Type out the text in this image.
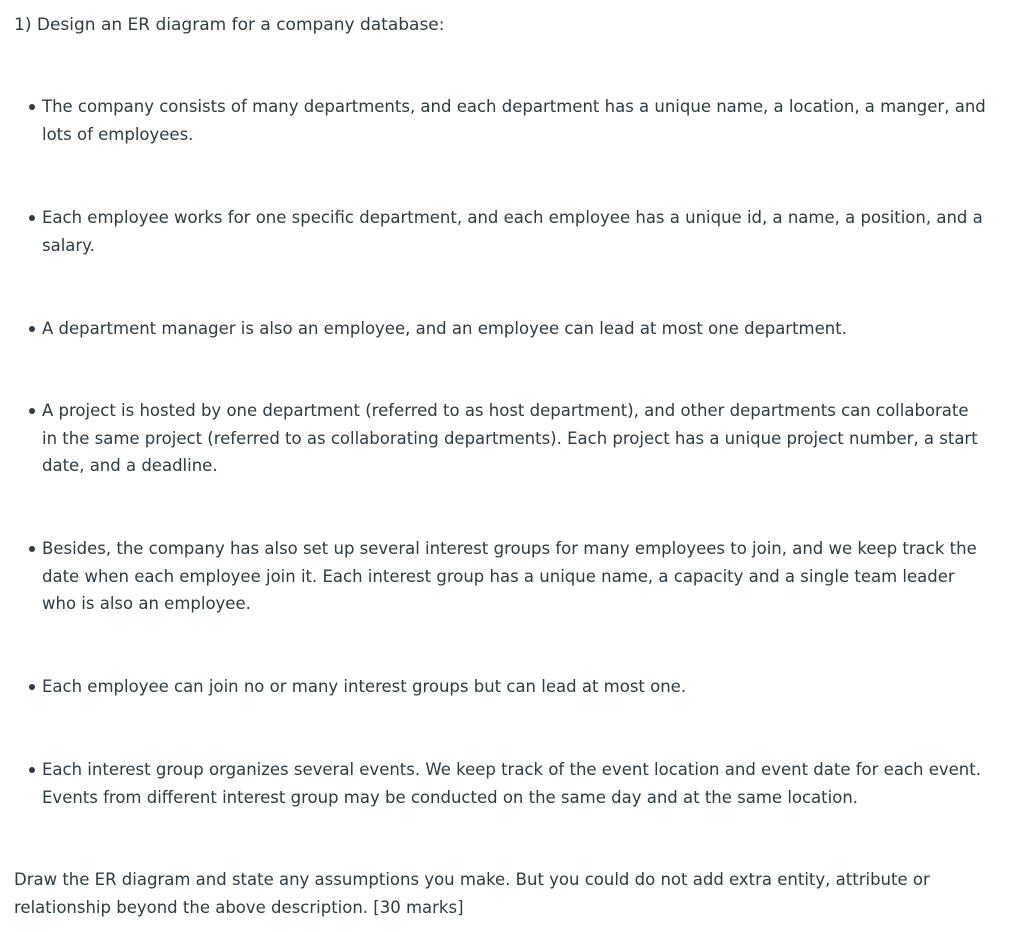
1) Design an ER diagram for a company database:

The company consists of many departments, and each department has a unique name, a location, a manger, and lots of employees.

Each employee works for one specific department, and each employee has a unique id, a name, a position, and a salary.

A department manager is also an employee, and an employee can lead at most one department.

A project is hosted by one department (referred to as host department), and other departments can collaborate in the same project (referred to as collaborating departments). Each project has a unique project number, a start date, and a deadline.

Besides, the company has also set up several interest groups for many employees to join, and we keep track the date when each employee join it. Each interest group has a unique name, a capacity and a single team leader who is also an employee.

Each employee can join no or many interest groups but can lead at most one.

Each interest group organizes several events. We keep track of the event location and event date for each event. Events from different interest group may be conducted on the same day and at the same location.

Draw the ER diagram and state any assumptions you make. But you could do not add extra entity, attribute or relationship beyond the above description. [30 marks]
